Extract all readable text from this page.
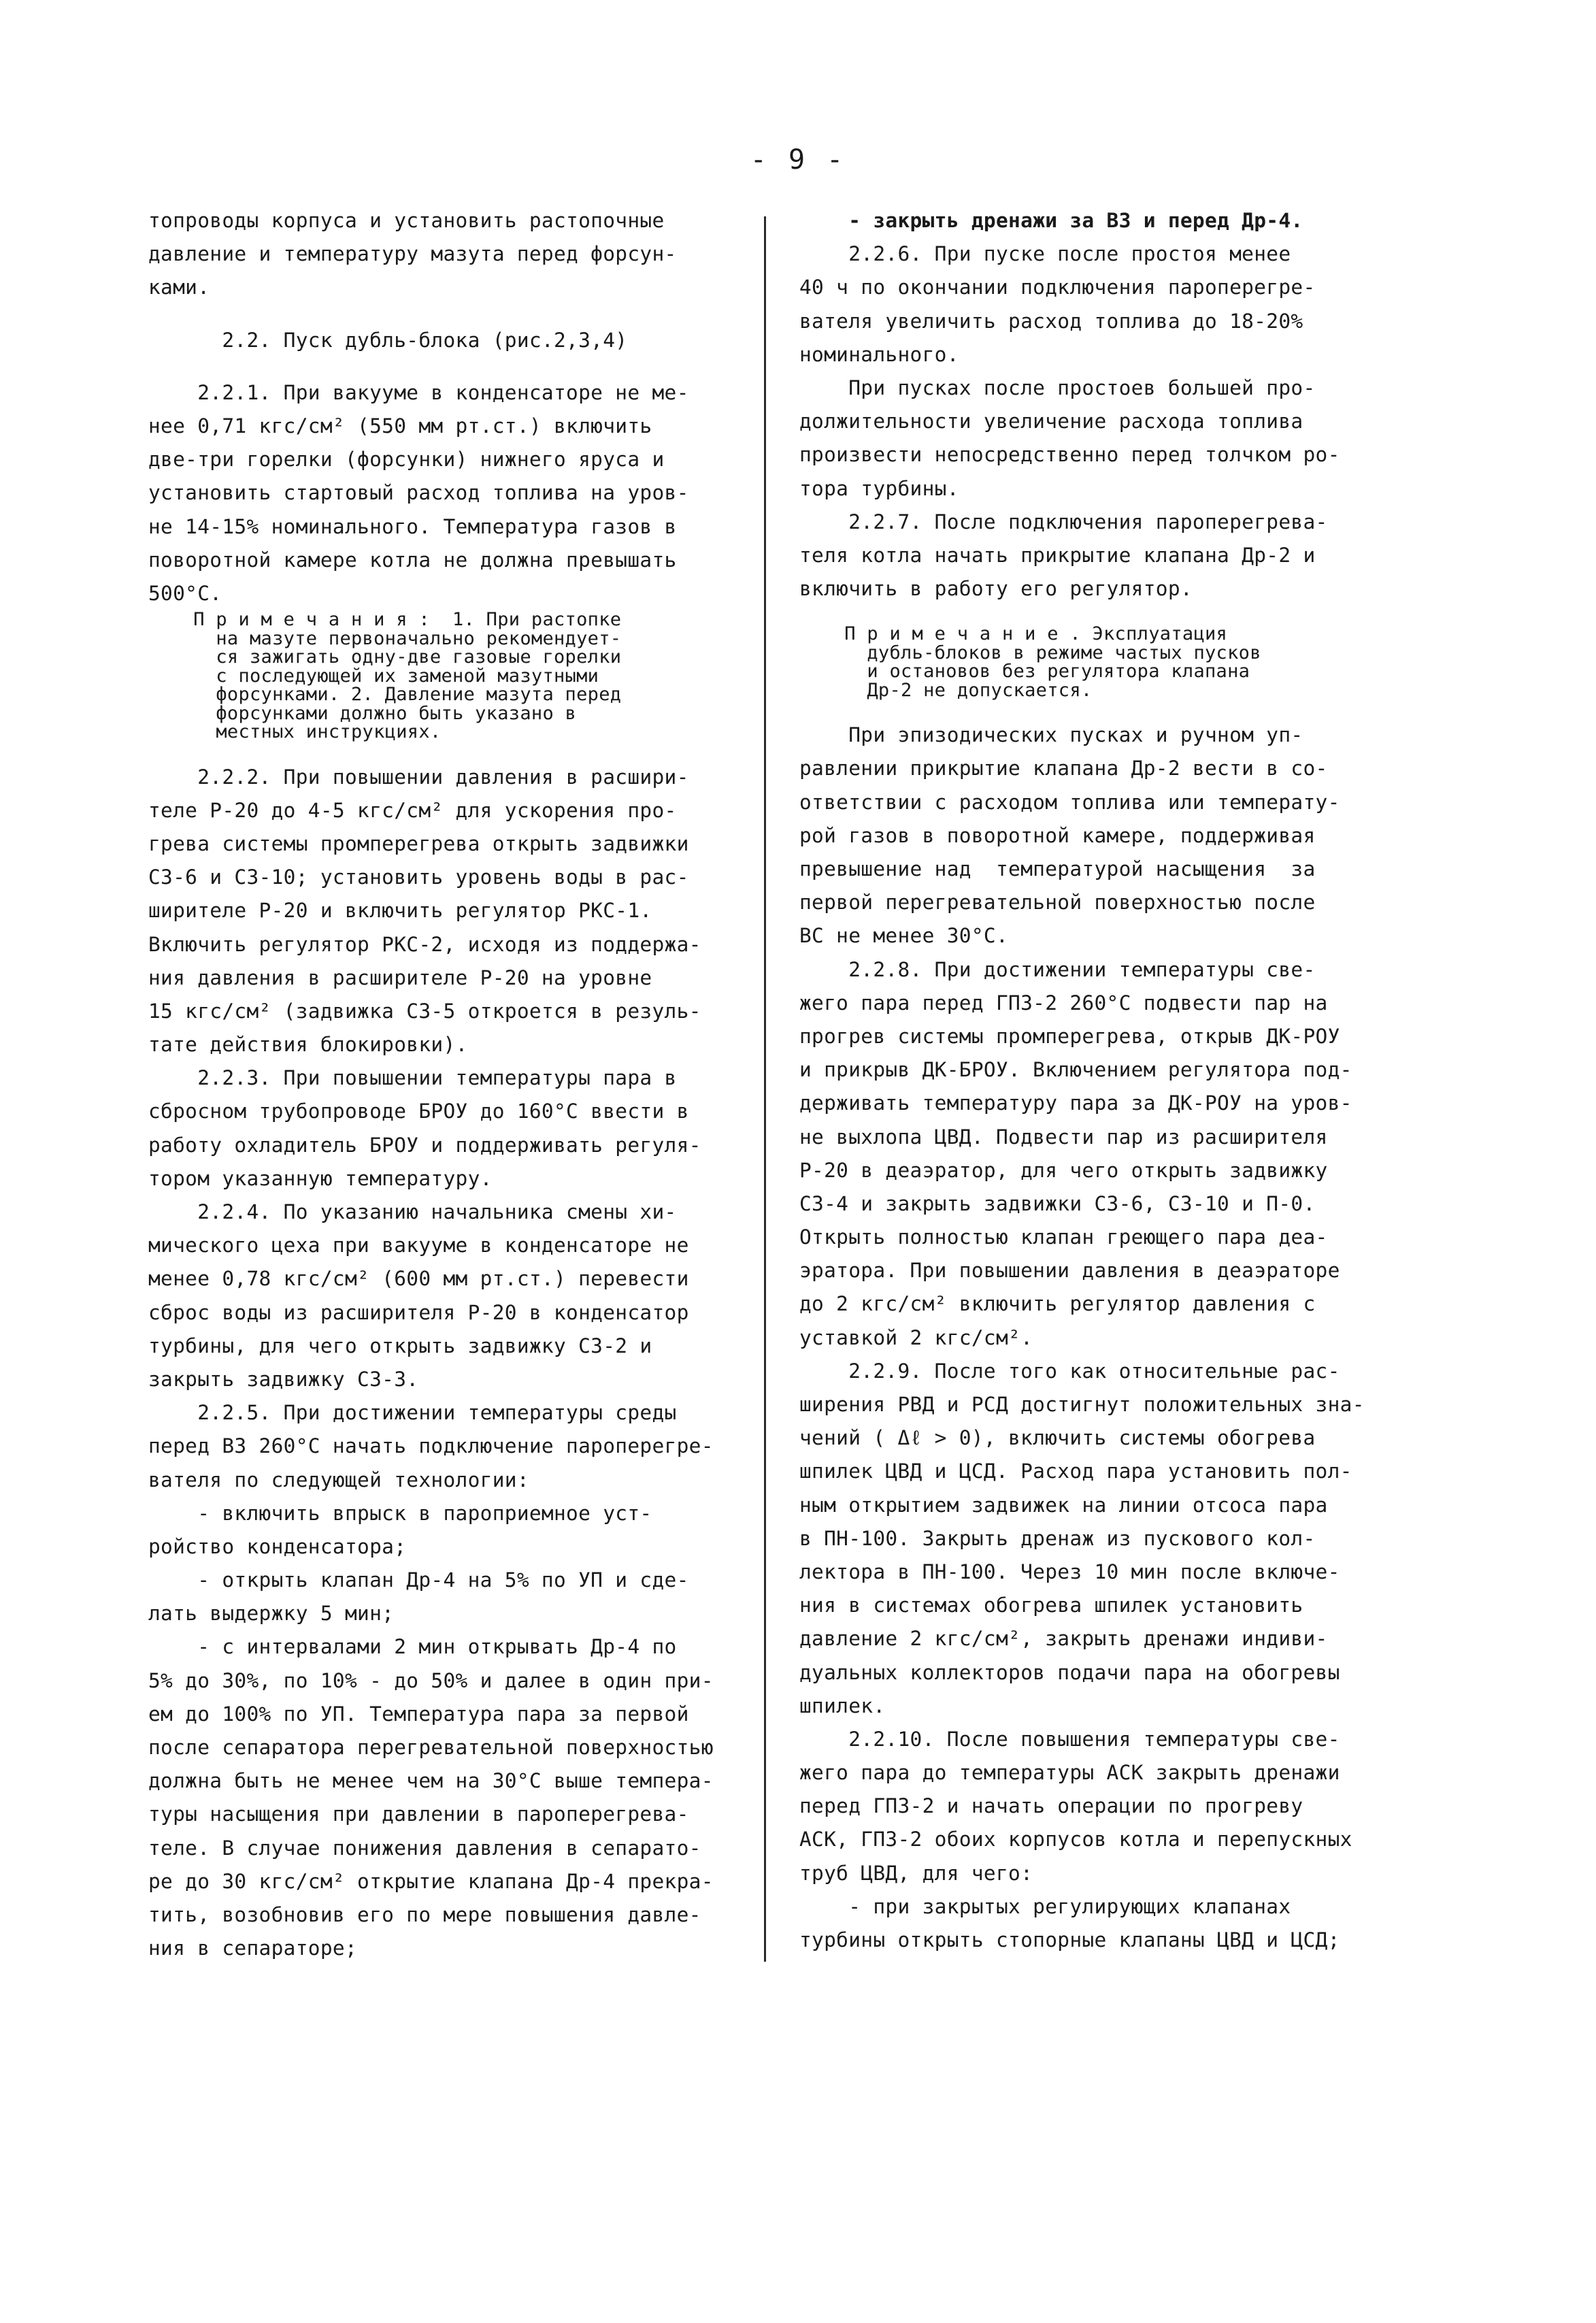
- 9 -
топроводы корпуса и установить растопочные
давление и температуру мазута перед форсун-
ками.
2.2. Пуск дубль-блока (рис.2,3,4)
2.2.1. При вакууме в конденсаторе не ме-
нее 0,71 кгс/см² (550 мм рт.ст.) включить
две-три горелки (форсунки) нижнего яруса и
установить стартовый расход топлива на уров-
не 14-15% номинального. Температура газов в
поворотной камере котла не должна превышать
500°С.
П р и м е ч а н и я :  1. При растопке
на мазуте первоначально рекомендует-
ся зажигать одну-две газовые горелки
с последующей их заменой мазутными
форсунками. 2. Давление мазута перед
форсунками должно быть указано в
местных инструкциях.
2.2.2. При повышении давления в расшири-
теле Р-20 до 4-5 кгс/см² для ускорения про-
грева системы промперегрева открыть задвижки
С3-6 и С3-10; установить уровень воды в рас-
ширителе Р-20 и включить регулятор РКС-1.
Включить регулятор РКС-2, исходя из поддержа-
ния давления в расширителе Р-20 на уровне
15 кгс/см² (задвижка С3-5 откроется в резуль-
тате действия блокировки).
2.2.3. При повышении температуры пара в
сбросном трубопроводе БРОУ до 160°С ввести в
работу охладитель БРОУ и поддерживать регуля-
тором указанную температуру.
2.2.4. По указанию начальника смены хи-
мического цеха при вакууме в конденсаторе не
менее 0,78 кгс/см² (600 мм рт.ст.) перевести
сброс воды из расширителя Р-20 в конденсатор
турбины, для чего открыть задвижку С3-2 и
закрыть задвижку С3-3.
2.2.5. При достижении температуры среды
перед ВЗ 260°С начать подключение пароперегре-
вателя по следующей технологии:
- включить впрыск в пароприемное уст-
ройство конденсатора;
- открыть клапан Др-4 на 5% по УП и сде-
лать выдержку 5 мин;
- с интервалами 2 мин открывать Др-4 по
5% до 30%, по 10% - до 50% и далее в один при-
ем до 100% по УП. Температура пара за первой
после сепаратора перегревательной поверхностью
должна быть не менее чем на 30°С выше темпера-
туры насыщения при давлении в пароперегрева-
теле. В случае понижения давления в сепарато-
ре до 30 кгс/см² открытие клапана Др-4 прекра-
тить, возобновив его по мере повышения давле-
ния в сепараторе;
- закрыть дренажи за ВЗ и перед Др-4.
2.2.6. При пуске после простоя менее
40 ч по окончании подключения пароперегре-
вателя увеличить расход топлива до 18-20%
номинального.
При пусках после простоев большей про-
должительности увеличение расхода топлива
произвести непосредственно перед толчком ро-
тора турбины.
2.2.7. После подключения пароперегрева-
теля котла начать прикрытие клапана Др-2 и
включить в работу его регулятор.
П р и м е ч а н и е . Эксплуатация
дубль-блоков в режиме частых пусков
и остановов без регулятора клапана
Др-2 не допускается.
При эпизодических пусках и ручном уп-
равлении прикрытие клапана Др-2 вести в со-
ответствии с расходом топлива или температу-
рой газов в поворотной камере, поддерживая
превышение над  температурой насыщения  за
первой перегревательной поверхностью после
ВС не менее 30°С.
2.2.8. При достижении температуры све-
жего пара перед ГПЗ-2 260°С подвести пар на
прогрев системы промперегрева, открыв ДК-РОУ
и прикрыв ДК-БРОУ. Включением регулятора под-
держивать температуру пара за ДК-РОУ на уров-
не выхлопа ЦВД. Подвести пар из расширителя
Р-20 в деаэратор, для чего открыть задвижку
С3-4 и закрыть задвижки С3-6, С3-10 и П-0.
Открыть полностью клапан греющего пара деа-
эратора. При повышении давления в деаэраторе
до 2 кгс/см² включить регулятор давления с
уставкой 2 кгс/см².
2.2.9. После того как относительные рас-
ширения РВД и РСД достигнут положительных зна-
чений ( Δℓ > 0), включить системы обогрева
шпилек ЦВД и ЦСД. Расход пара установить пол-
ным открытием задвижек на линии отсоса пара
в ПН-100. Закрыть дренаж из пускового кол-
лектора в ПН-100. Через 10 мин после включе-
ния в системах обогрева шпилек установить
давление 2 кгс/см², закрыть дренажи индиви-
дуальных коллекторов подачи пара на обогревы
шпилек.
2.2.10. После повышения температуры све-
жего пара до температуры АСК закрыть дренажи
перед ГПЗ-2 и начать операции по прогреву
АСК, ГПЗ-2 обоих корпусов котла и перепускных
труб ЦВД, для чего:
- при закрытых регулирующих клапанах
турбины открыть стопорные клапаны ЦВД и ЦСД;
